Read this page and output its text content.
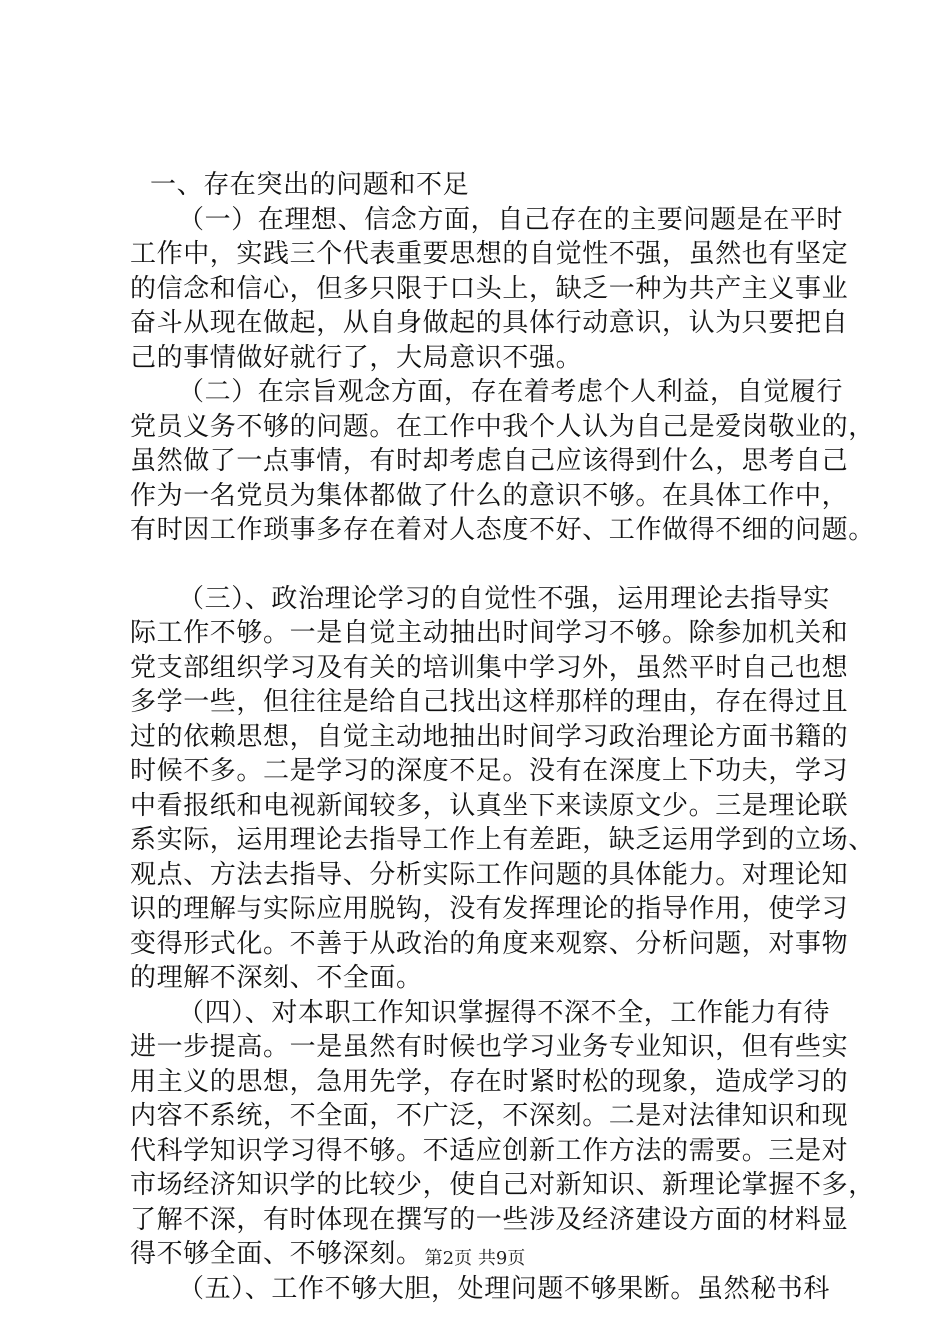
一、存在突出的问题和不足
（一）在理想、信念方面，自己存在的主要问题是在平时
工作中，实践三个代表重要思想的自觉性不强，虽然也有坚定
的信念和信心，但多只限于口头上，缺乏一种为共产主义事业
奋斗从现在做起，从自身做起的具体行动意识，认为只要把自
己的事情做好就行了，大局意识不强。
（二）在宗旨观念方面，存在着考虑个人利益，自觉履行
党员义务不够的问题。在工作中我个人认为自己是爱岗敬业的，
虽然做了一点事情，有时却考虑自己应该得到什么，思考自己
作为一名党员为集体都做了什么的意识不够。在具体工作中，
有时因工作琐事多存在着对人态度不好、工作做得不细的问题。
（三）、政治理论学习的自觉性不强，运用理论去指导实
际工作不够。一是自觉主动抽出时间学习不够。除参加机关和
党支部组织学习及有关的培训集中学习外，虽然平时自己也想
多学一些，但往往是给自己找出这样那样的理由，存在得过且
过的依赖思想，自觉主动地抽出时间学习政治理论方面书籍的
时候不多。二是学习的深度不足。没有在深度上下功夫，学习
中看报纸和电视新闻较多，认真坐下来读原文少。三是理论联
系实际，运用理论去指导工作上有差距，缺乏运用学到的立场、
观点、方法去指导、分析实际工作问题的具体能力。对理论知
识的理解与实际应用脱钩，没有发挥理论的指导作用，使学习
变得形式化。不善于从政治的角度来观察、分析问题，对事物
的理解不深刻、不全面。
（四）、对本职工作知识掌握得不深不全，工作能力有待
进一步提高。一是虽然有时候也学习业务专业知识，但有些实
用主义的思想，急用先学，存在时紧时松的现象，造成学习的
内容不系统，不全面，不广泛，不深刻。二是对法律知识和现
代科学知识学习得不够。不适应创新工作方法的需要。三是对
市场经济知识学的比较少，使自己对新知识、新理论掌握不多，
了解不深，有时体现在撰写的一些涉及经济建设方面的材料显
得不够全面、不够深刻。
（五）、工作不够大胆，处理问题不够果断。虽然秘书科
第2页 共9页
